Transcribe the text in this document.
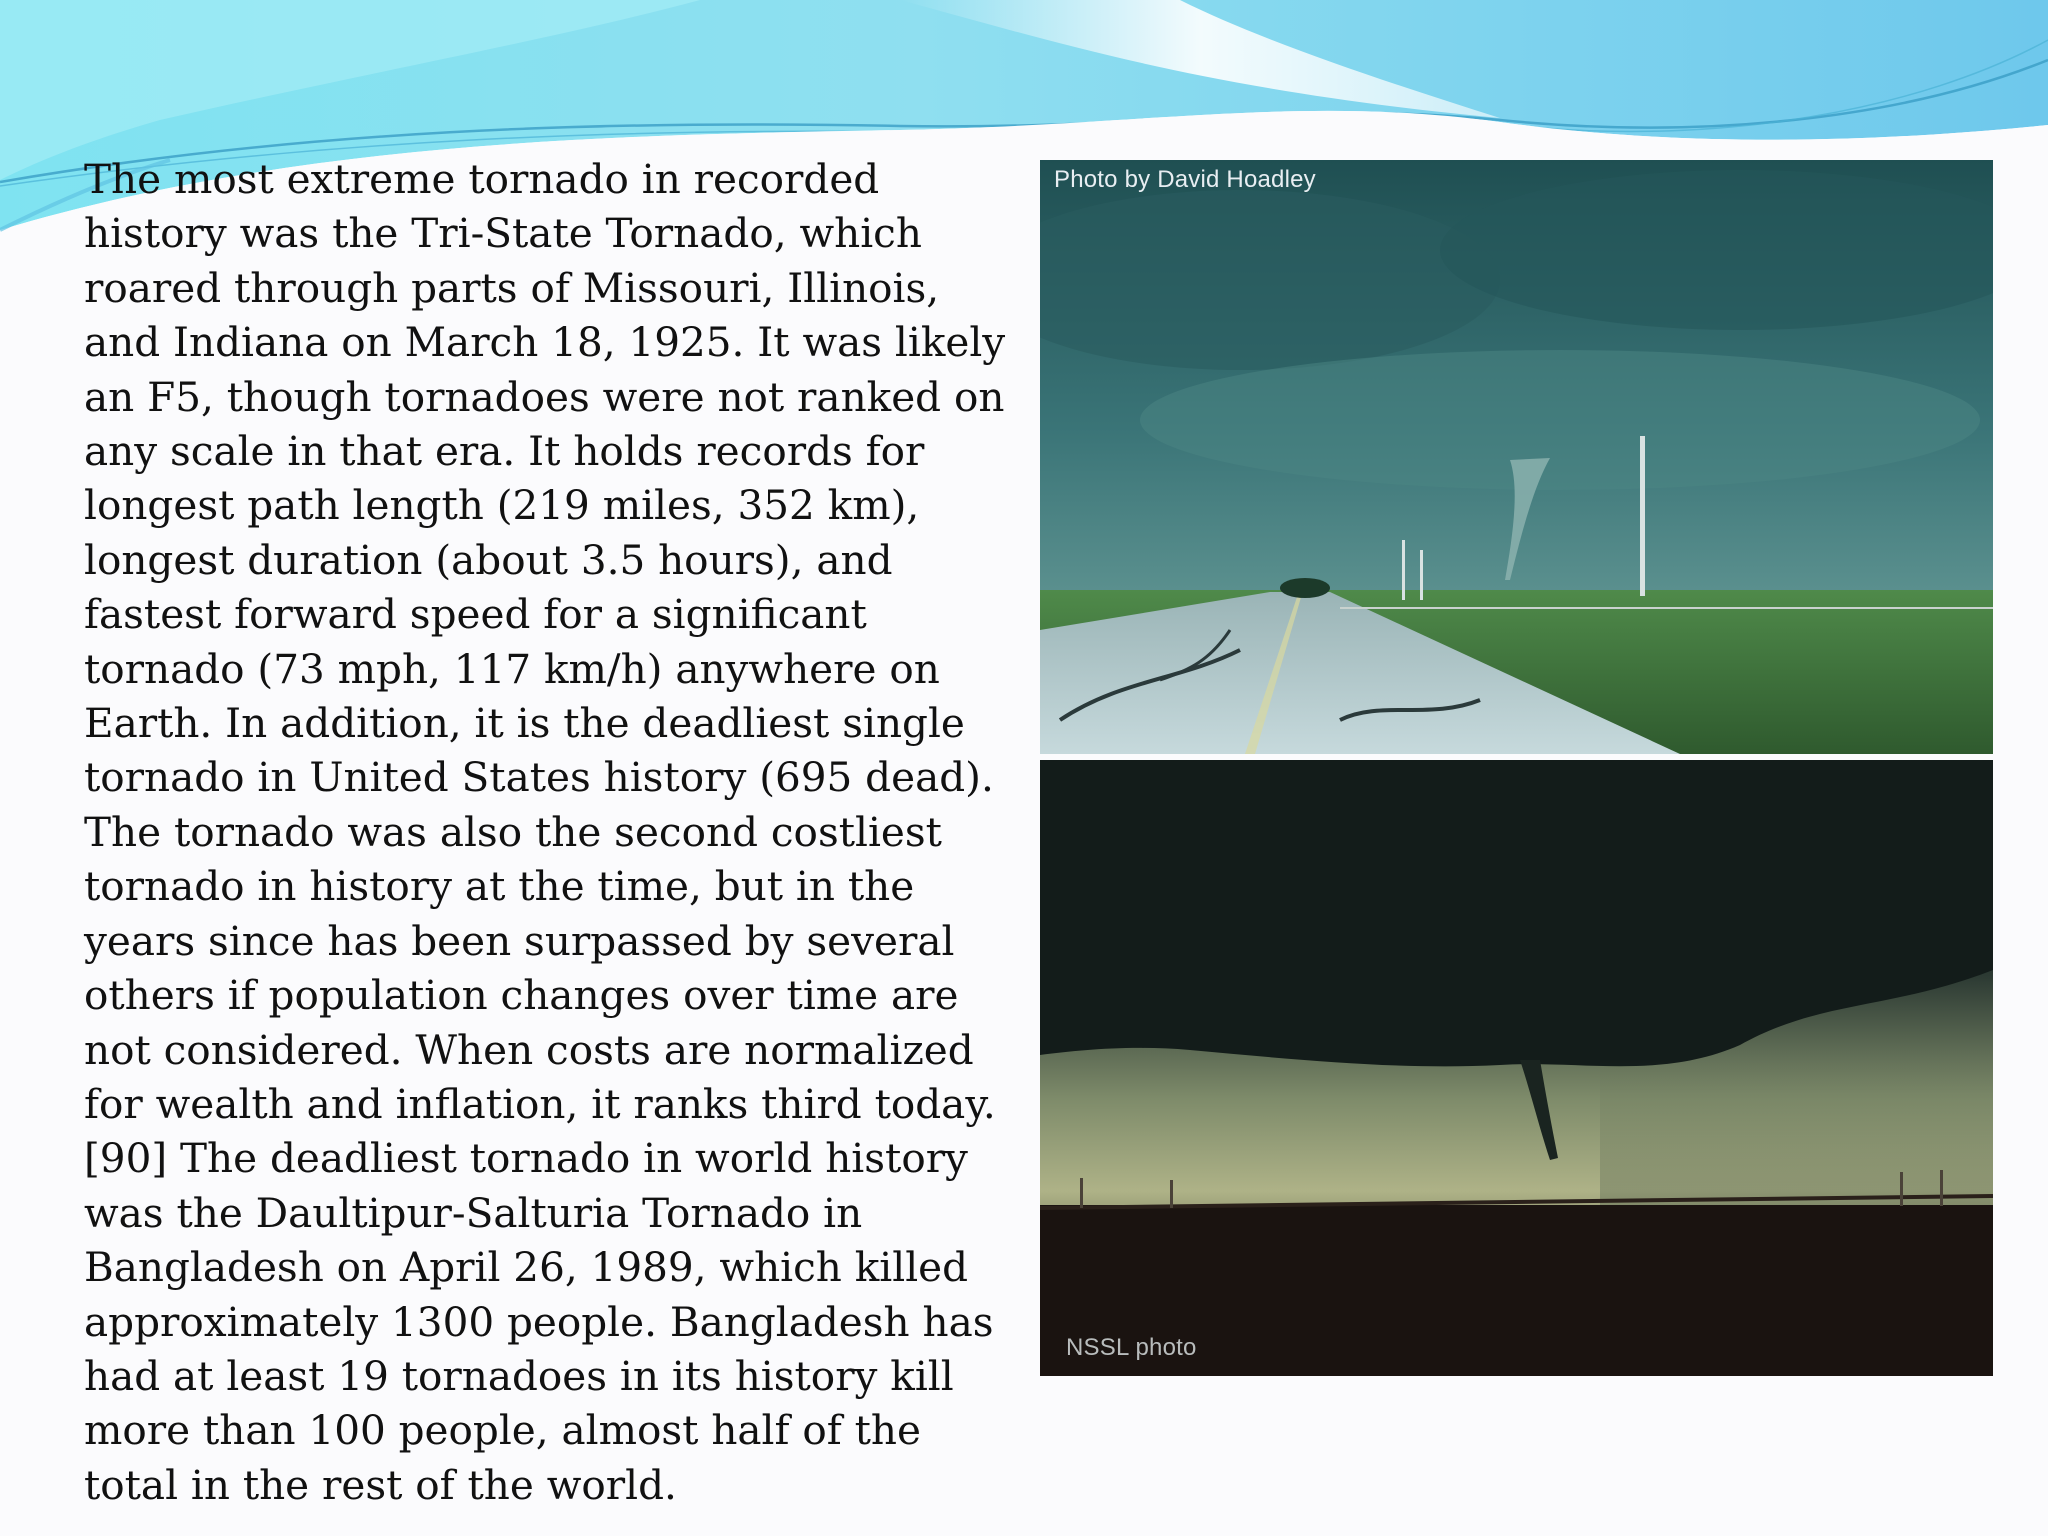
The most extreme tornado in recorded history was the Tri-State Tornado, which roared through parts of Missouri, Illinois, and Indiana on March 18, 1925. It was likely an F5, though tornadoes were not ranked on any scale in that era. It holds records for longest path length (219 miles, 352 km), longest duration (about 3.5 hours), and fastest forward speed for a significant tornado (73 mph, 117 km/h) anywhere on Earth. In addition, it is the deadliest single tornado in United States history (695 dead). The tornado was also the second costliest tornado in history at the time, but in the years since has been surpassed by several others if population changes over time are not considered. When costs are normalized for wealth and inflation, it ranks third today. [90] The deadliest tornado in world history was the Daultipur-Salturia Tornado in Bangladesh on April 26, 1989, which killed approximately 1300 people. Bangladesh has had at least 19 tornadoes in its history kill more than 100 people, almost half of the total in the rest of the world.

Photo by David Hoadley
NSSL photo
